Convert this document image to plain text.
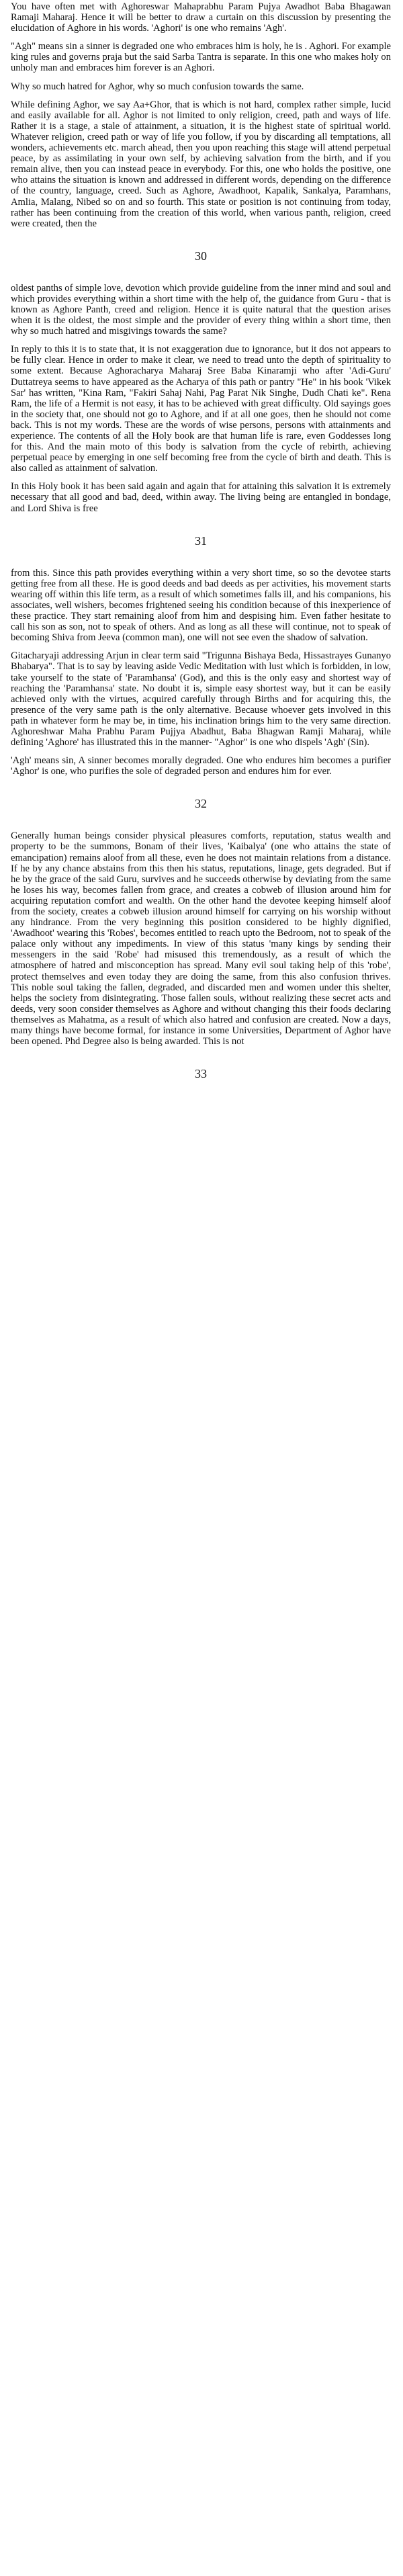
You have often met with Aghoreswar Mahaprabhu Param Pujya Awadhot Baba Bhagawan Ramaji Maharaj. Hence it will be better to draw a curtain on this discussion by presenting the elucidation of Aghore in his words. 'Aghori' is one who remains 'Agh'.

"Agh" means sin a sinner is degraded one who embraces him is holy, he is . Aghori. For example king rules and governs praja but the said Sarba Tantra is separate. In this one who makes holy on unholy man and embraces him forever is an Aghori.

Why so much hatred for Aghor, why so much confusion towards the same.

While defining Aghor, we say Aa+Ghor, that is which is not hard, complex rather simple, lucid and easily available for all. Aghor is not limited to only religion, creed, path and ways of life. Rather it is a stage, a stale of attainment, a situation, it is the highest state of spiritual world. Whatever religion, creed path or way of life you follow, if you by discarding all temptations, all wonders, achievements etc. march ahead, then you upon reaching this stage will attend perpetual peace, by as assimilating in your own self, by achieving salvation from the birth, and if you remain alive, then you can instead peace in everybody. For this, one who holds the positive, one who attains the situation is known and addressed in different words, depending on the difference of the country, language, creed. Such as Aghore, Awadhoot, Kapalik, Sankalya, Paramhans, Amlia, Malang, Nibed so on and so fourth. This state or position is not continuing from today, rather has been continuing from the creation of this world, when various panth, religion, creed were created, then the

30

oldest panths of simple love, devotion which provide guideline from the inner mind and soul and which provides everything within a short time with the help of, the guidance from Guru - that is known as Aghore Panth, creed and religion. Hence it is quite natural that the question arises when it is the oldest, the most simple and the provider of every thing within a short time, then why so much hatred and misgivings towards the same?

In reply to this it is to state that, it is not exaggeration due to ignorance, but it dos not appears to be fully clear. Hence in order to make it clear, we need to tread unto the depth of spirituality to some extent. Because Aghoracharya Maharaj Sree Baba Kinaramji who after 'Adi-Guru' Duttatreya seems to have appeared as the Acharya of this path or pantry "He" in his book 'Vikek Sar' has written, "Kina Ram, "Fakiri Sahaj Nahi, Pag Parat Nik Singhe, Dudh Chati ke". Rena Ram, the life of a Hermit is not easy, it has to be achieved with great difficulty. Old sayings goes in the society that, one should not go to Aghore, and if at all one goes, then he should not come back. This is not my words. These are the words of wise persons, persons with attainments and experience. The contents of all the Holy book are that human life is rare, even Goddesses long for this. And the main moto of this body is salvation from the cycle of rebirth, achieving perpetual peace by emerging in one self becoming free from the cycle of birth and death. This is also called as attainment of salvation.

In this Holy book it has been said again and again that for attaining this salvation it is extremely necessary that all good and bad, deed, within away. The living being are entangled in bondage, and Lord Shiva is free

31

from this. Since this path provides everything within a very short time, so so the devotee starts getting free from all these. He is good deeds and bad deeds as per activities, his movement starts wearing off within this life term, as a result of which sometimes falls ill, and his companions, his associates, well wishers, becomes frightened seeing his condition because of this inexperience of these practice. They start remaining aloof from him and despising him. Even father hesitate to call his son as son, not to speak of others. And as long as all these will continue, not to speak of becoming Shiva from Jeeva (common man), one will not see even the shadow of salvation.

Gitacharyaji addressing Arjun in clear term said "Trigunna Bishaya Beda, Hissastrayes Gunanyo Bhabarya". That is to say by leaving aside Vedic Meditation with lust which is forbidden, in low, take yourself to the state of 'Paramhansa' (God), and this is the only easy and shortest way of reaching the 'Paramhansa' state. No doubt it is, simple easy shortest way, but it can be easily achieved only with the virtues, acquired carefully through Births and for acquiring this, the presence of the very same path is the only alternative. Because whoever gets involved in this path in whatever form he may be, in time, his inclination brings him to the very same direction. Aghoreshwar Maha Prabhu Param Pujjya Abadhut, Baba Bhagwan Ramji Maharaj, while defining 'Aghore' has illustrated this in the manner- "Aghor" is one who dispels 'Agh' (Sin).

'Agh' means sin, A sinner becomes morally degraded. One who endures him becomes a purifier 'Aghor' is one, who purifies the sole of degraded person and endures him for ever.

32

Generally human beings consider physical pleasures comforts, reputation, status wealth and property to be the summons, Bonam of their lives, 'Kaibalya' (one who attains the state of emancipation) remains aloof from all these, even he does not maintain relations from a distance. If he by any chance abstains from this then his status, reputations, linage, gets degraded. But if he by the grace of the said Guru, survives and he succeeds otherwise by deviating from the same he loses his way, becomes fallen from grace, and creates a cobweb of illusion around him for acquiring reputation comfort and wealth. On the other hand the devotee keeping himself aloof from the society, creates a cobweb illusion around himself for carrying on his worship without any hindrance. From the very beginning this position considered to be highly dignified, 'Awadhoot' wearing this 'Robes', becomes entitled to reach upto the Bedroom, not to speak of the palace only without any impediments. In view of this status 'many kings by sending their messengers in the said 'Robe' had misused this tremendously, as a result of which the atmosphere of hatred and misconception has spread. Many evil soul taking help of this 'robe', protect themselves and even today they are doing the same, from this also confusion thrives. This noble soul taking the fallen, degraded, and discarded men and women under this shelter, helps the society from disintegrating. Those fallen souls, without realizing these secret acts and deeds, very soon consider themselves as Aghore and without changing this their foods declaring themselves as Mahatma, as a result of which also hatred and confusion are created. Now a days, many things have become formal, for instance in some Universities, Department of Aghor have been opened. Phd Degree also is being awarded. This is not

33
